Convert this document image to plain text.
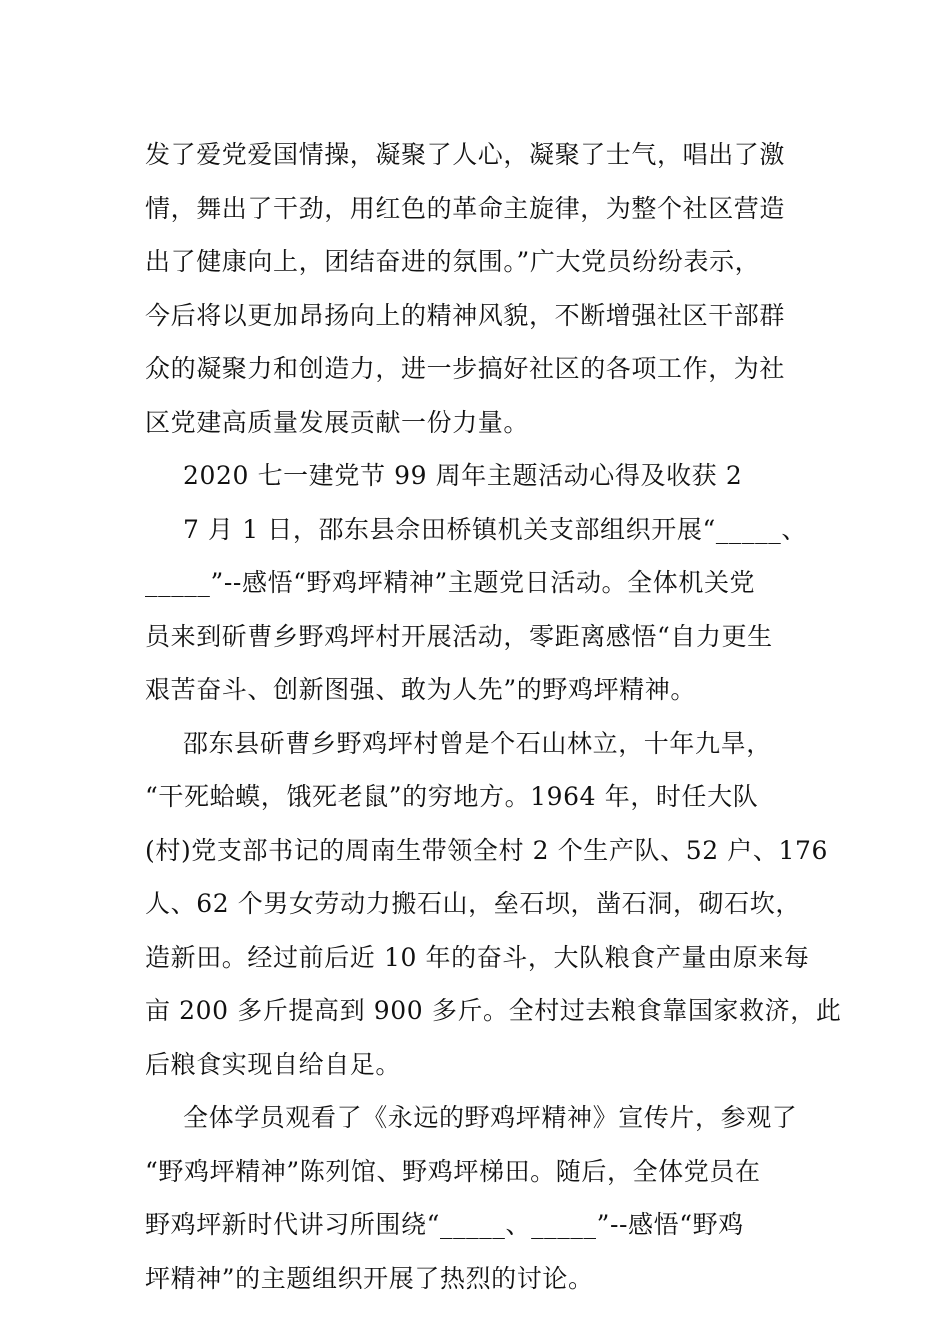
发了爱党爱国情操，凝聚了人心，凝聚了士气，唱出了激
情，舞出了干劲，用红色的革命主旋律，为整个社区营造
出了健康向上，团结奋进的氛围。”广大党员纷纷表示，
今后将以更加昂扬向上的精神风貌，不断增强社区干部群
众的凝聚力和创造力，进一步搞好社区的各项工作，为社
区党建高质量发展贡献一份力量。
2020 七一建党节 99 周年主题活动心得及收获 2
7 月 1 日，邵东县佘田桥镇机关支部组织开展“_____、
_____”--感悟“野鸡坪精神”主题党日活动。全体机关党
员来到斫曹乡野鸡坪村开展活动，零距离感悟“自力更生
艰苦奋斗、创新图强、敢为人先”的野鸡坪精神。
邵东县斫曹乡野鸡坪村曾是个石山林立，十年九旱，
“干死蛤蟆，饿死老鼠”的穷地方。1964 年，时任大队
(村)党支部书记的周南生带领全村 2 个生产队、52 户、176
人、62 个男女劳动力搬石山，垒石坝，凿石洞，砌石坎，
造新田。经过前后近 10 年的奋斗，大队粮食产量由原来每
亩 200 多斤提高到 900 多斤。全村过去粮食靠国家救济，此
后粮食实现自给自足。
全体学员观看了《永远的野鸡坪精神》宣传片，参观了
“野鸡坪精神”陈列馆、野鸡坪梯田。随后，全体党员在
野鸡坪新时代讲习所围绕“_____、_____”--感悟“野鸡
坪精神”的主题组织开展了热烈的讨论。
